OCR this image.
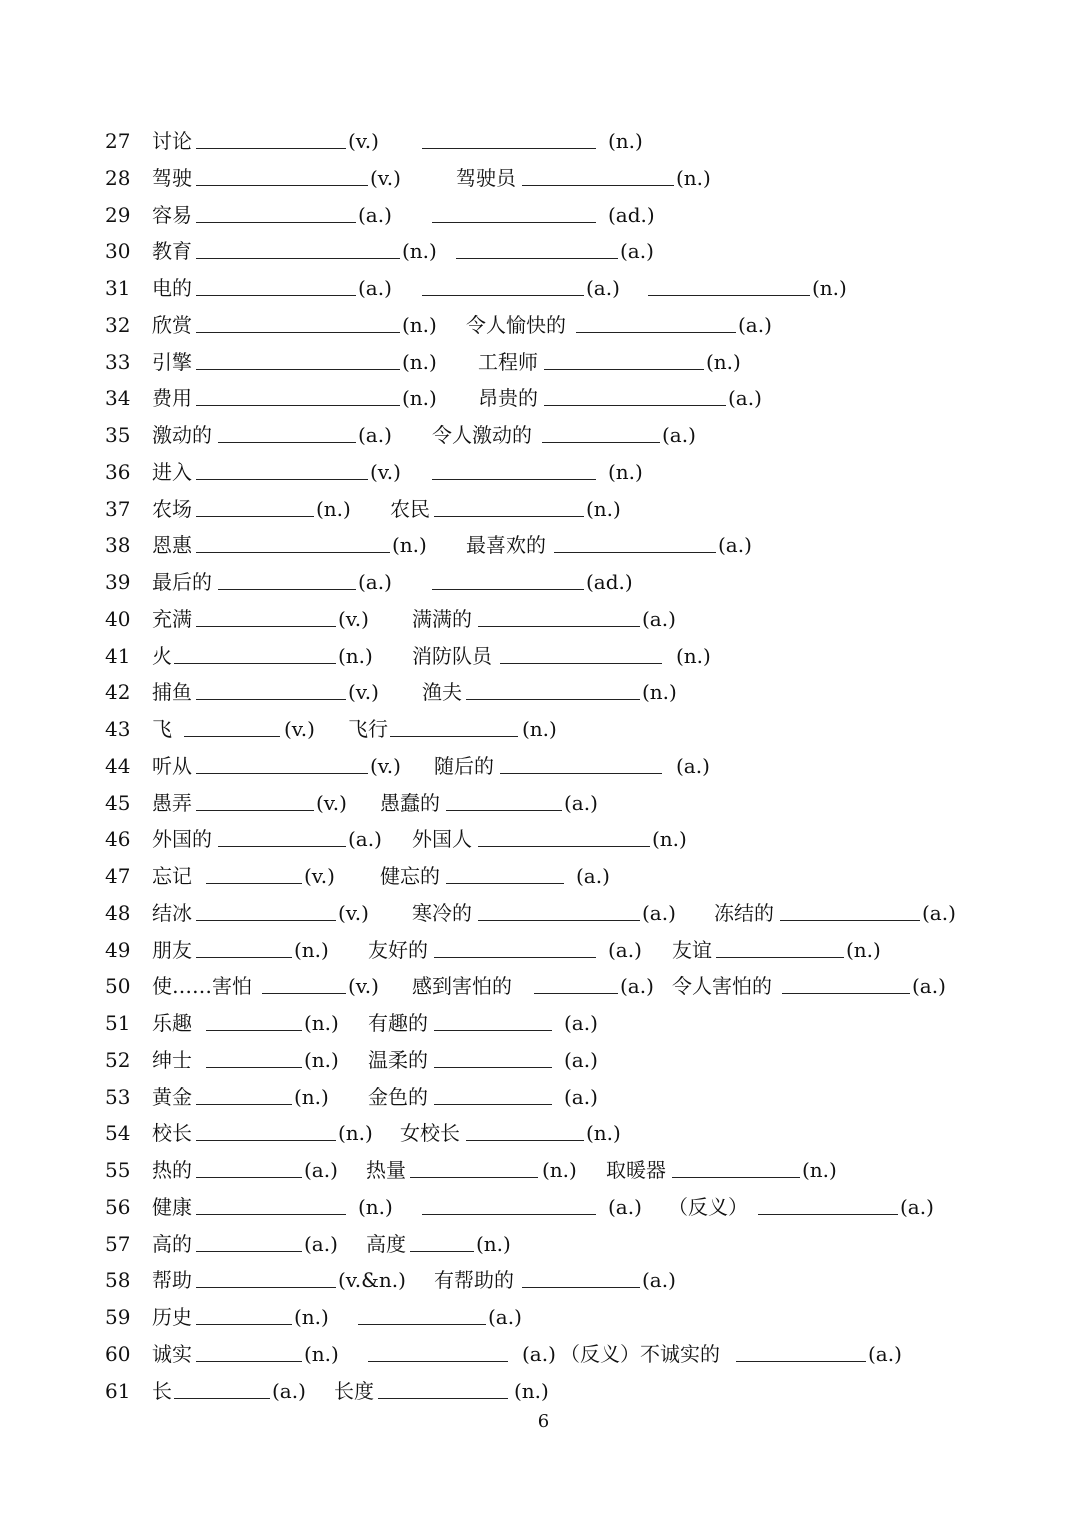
27 讨论	(v.)	(n.)
28 驾驶	(v.)	驾驶员	(n.)
29 容易	(a.)	(ad.)
30 教育	(n.)	(a.)
31 电的	(a.)	(a.)	(n.)
32 欣赏	(n.) 令人愉快的	(a.)
33 引擎	(n.) 工程师	(n.)
34 费用	(n.) 昂贵的	(a.)
35 激动的	(a.) 令人激动的	(a.)
36 进入	(v.)	(n.)
37 农场	(n.) 农民	(n.)
38 恩惠	(n.) 最喜欢的	(a.)
39 最后的	(a.)	(ad.)
40 充满	(v.) 满满的	(a.)
41 火	(n.) 消防队员	(n.)
42 捕鱼	(v.) 渔夫	(n.)
43 飞	(v.) 飞行	(n.)
44 听从	(v.) 随后的	(a.)
45 愚弄	(v.) 愚蠢的	(a.)
46 外国的	(a.) 外国人	(n.)
47 忘记	(v.) 健忘的	(a.)
48 结冰	(v.) 寒冷的	(a.) 冻结的	(a.)
49 朋友	(n.) 友好的	(a.) 友谊	(n.)
50 使……害怕	(v.) 感到害怕的	(a.) 令人害怕的	(a.)
51 乐趣	(n.) 有趣的	(a.)
52 绅士	(n.) 温柔的	(a.)
53 黄金	(n.) 金色的	(a.)
54 校长	(n.) 女校长	(n.)
55 热的	(a.) 热量	(n.) 取暖器	(n.)
56 健康	(n.)	(a.) （反义）	(a.)
57 高的	(a.) 高度	(n.)
58 帮助	(v.&n.) 有帮助的	(a.)
59 历史	(n.)	(a.)
60 诚实	(n.)	(a.) （反义）不诚实的	(a.)
61 长	(a.) 长度	(n.)
6
